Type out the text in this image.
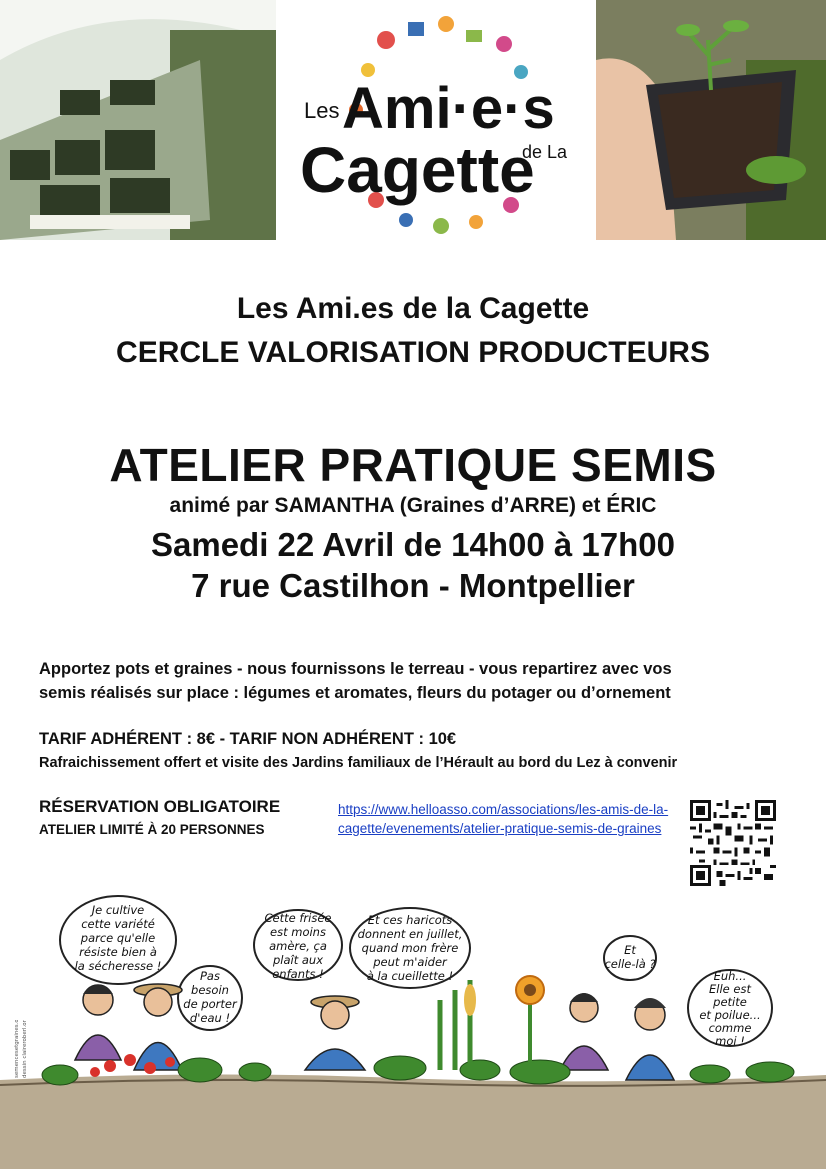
Les Ami·e·s
de La
Cagette
Les Ami.es de la Cagette
CERCLE VALORISATION PRODUCTEURS
ATELIER PRATIQUE SEMIS
animé par SAMANTHA (Graines d’ARRE) et ÉRIC
Samedi 22 Avril de 14h00 à 17h00
7 rue Castilhon - Montpellier
Apportez pots et graines - nous fournissons le terreau - vous repartirez avec vos
semis réalisés sur place : légumes et aromates, fleurs du potager ou d’ornement
TARIF ADHÉRENT : 8€ - TARIF NON ADHÉRENT : 10€
Rafraichissement offert et visite des Jardins familiaux de l’Hérault au bord du Lez à convenir
RÉSERVATION OBLIGATOIRE
ATELIER LIMITÉ À 20 PERSONNES
https://www.helloasso.com/associations/les-amis-de-la-
cagette/evenements/atelier-pratique-semis-de-graines
Je cultive
cette variété
parce qu'elle
résiste bien à
la sécheresse !
Pas
besoin
de porter
d'eau !
Cette frisée
est moins
amère, ça
plaît aux
enfants !
Et ces haricots
donnent en juillet,
quand mon frère
peut m'aider
à la cueillette !
Et
celle-là ?
Euh...
Elle est
petite
et poilue...
comme
moi !
semencesetgraines.org dessin claireroberl.org
